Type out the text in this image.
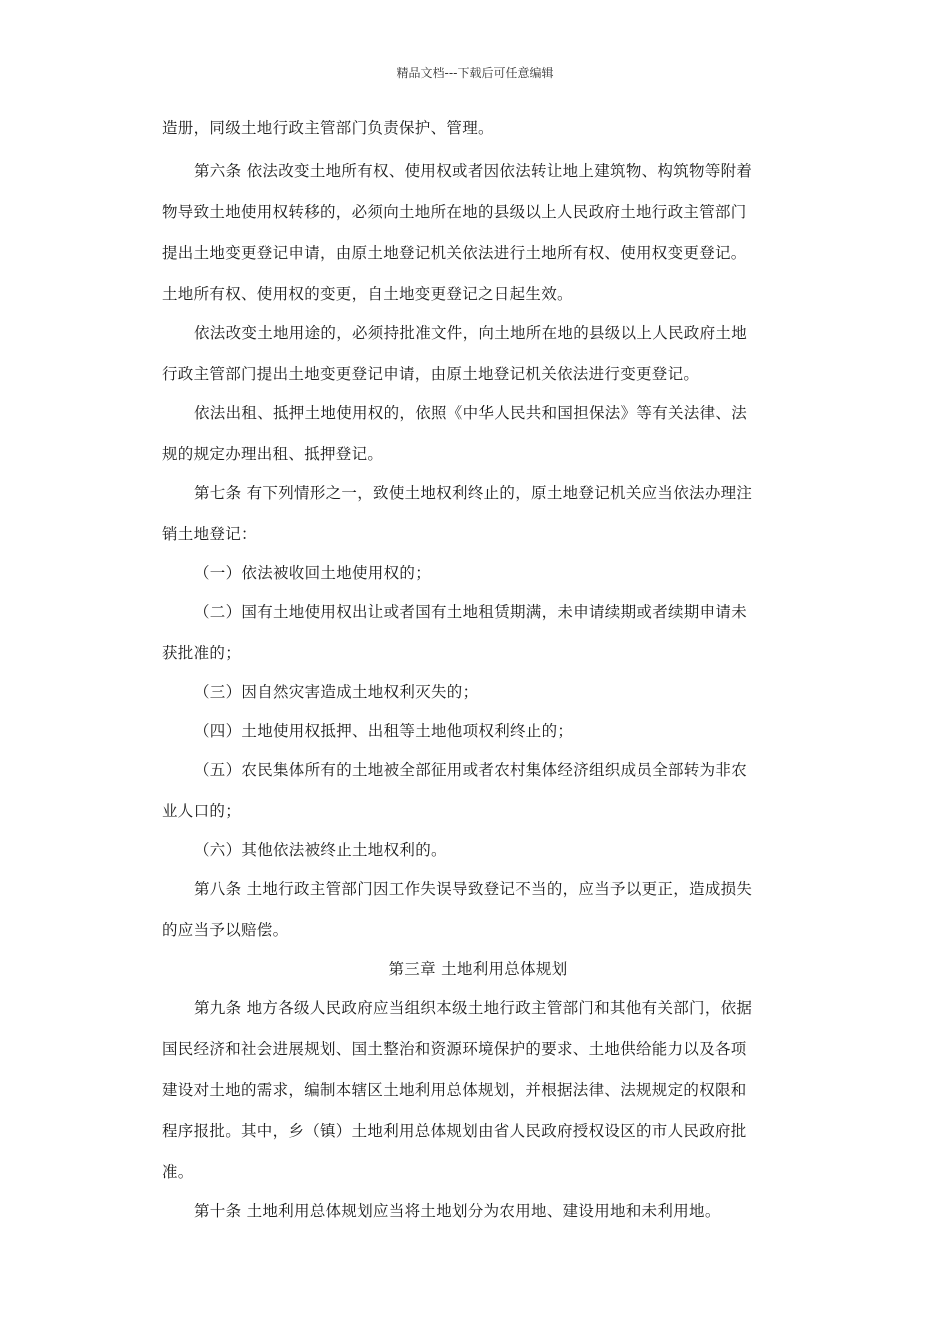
精品文档---下载后可任意编辑
造册，同级土地行政主管部门负责保护、管理。
第六条 依法改变土地所有权、使用权或者因依法转让地上建筑物、构筑物等附着
物导致土地使用权转移的，必须向土地所在地的县级以上人民政府土地行政主管部门
提出土地变更登记申请，由原土地登记机关依法进行土地所有权、使用权变更登记。
土地所有权、使用权的变更，自土地变更登记之日起生效。
依法改变土地用途的，必须持批准文件，向土地所在地的县级以上人民政府土地
行政主管部门提出土地变更登记申请，由原土地登记机关依法进行变更登记。
依法出租、抵押土地使用权的，依照《中华人民共和国担保法》等有关法律、法
规的规定办理出租、抵押登记。
第七条 有下列情形之一，致使土地权利终止的，原土地登记机关应当依法办理注
销土地登记：
（一）依法被收回土地使用权的；
（二）国有土地使用权出让或者国有土地租赁期满，未申请续期或者续期申请未
获批准的；
（三）因自然灾害造成土地权利灭失的；
（四）土地使用权抵押、出租等土地他项权利终止的；
（五）农民集体所有的土地被全部征用或者农村集体经济组织成员全部转为非农
业人口的；
（六）其他依法被终止土地权利的。
第八条 土地行政主管部门因工作失误导致登记不当的，应当予以更正，造成损失
的应当予以赔偿。
第三章 土地利用总体规划
第九条 地方各级人民政府应当组织本级土地行政主管部门和其他有关部门，依据
国民经济和社会进展规划、国土整治和资源环境保护的要求、土地供给能力以及各项
建设对土地的需求，编制本辖区土地利用总体规划，并根据法律、法规规定的权限和
程序报批。其中，乡（镇）土地利用总体规划由省人民政府授权设区的市人民政府批
准。
第十条 土地利用总体规划应当将土地划分为农用地、建设用地和未利用地。
